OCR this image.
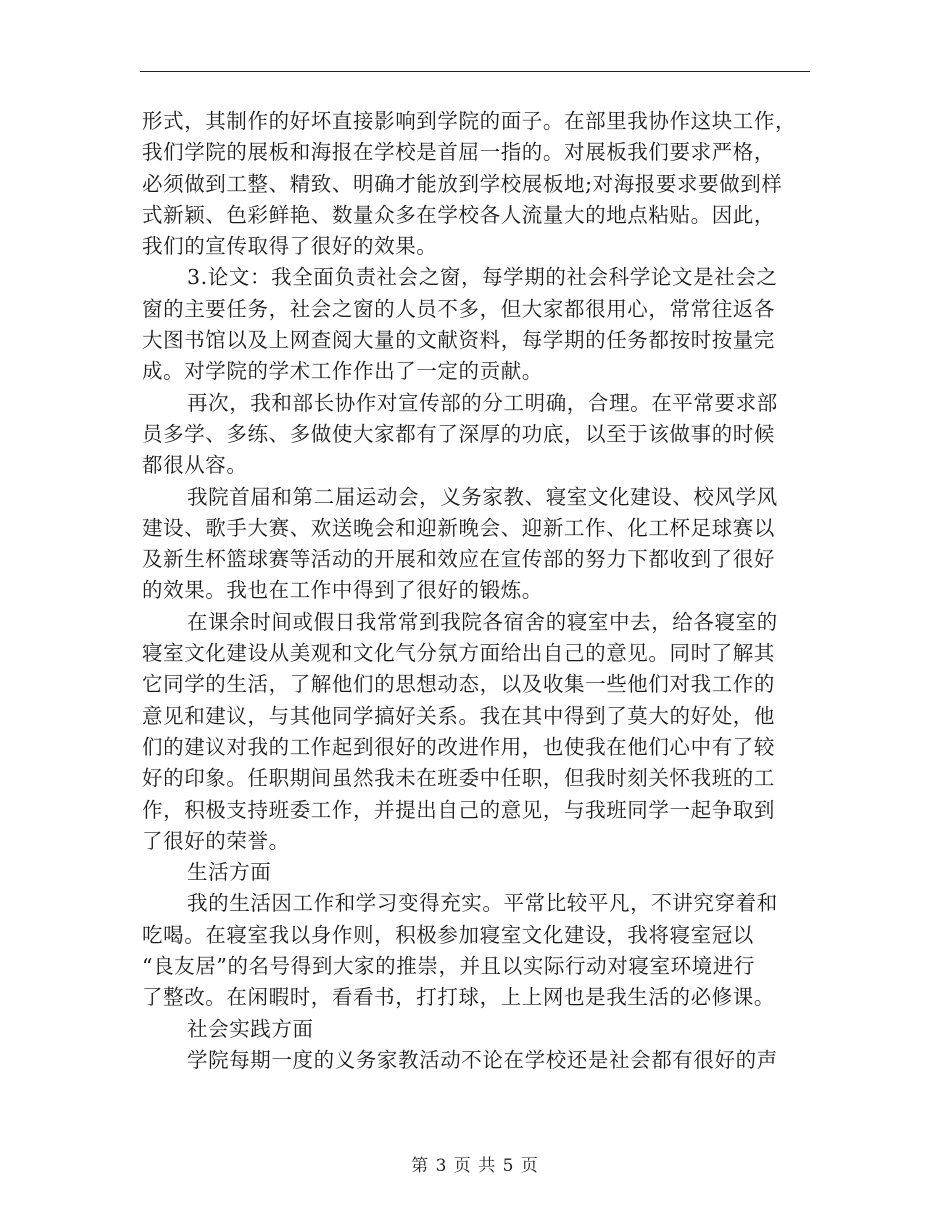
形式，其制作的好坏直接影响到学院的面子。在部里我协作这块工作，
我们学院的展板和海报在学校是首屈一指的。对展板我们要求严格，
必须做到工整、精致、明确才能放到学校展板地;对海报要求要做到样
式新颖、色彩鲜艳、数量众多在学校各人流量大的地点粘贴。因此，
我们的宣传取得了很好的效果。
3.论文：我全面负责社会之窗，每学期的社会科学论文是社会之
窗的主要任务，社会之窗的人员不多，但大家都很用心，常常往返各
大图书馆以及上网查阅大量的文献资料，每学期的任务都按时按量完
成。对学院的学术工作作出了一定的贡献。
再次，我和部长协作对宣传部的分工明确，合理。在平常要求部
员多学、多练、多做使大家都有了深厚的功底，以至于该做事的时候
都很从容。
我院首届和第二届运动会，义务家教、寝室文化建设、校风学风
建设、歌手大赛、欢送晚会和迎新晚会、迎新工作、化工杯足球赛以
及新生杯篮球赛等活动的开展和效应在宣传部的努力下都收到了很好
的效果。我也在工作中得到了很好的锻炼。
在课余时间或假日我常常到我院各宿舍的寝室中去，给各寝室的
寝室文化建设从美观和文化气分氛方面给出自己的意见。同时了解其
它同学的生活，了解他们的思想动态，以及收集一些他们对我工作的
意见和建议，与其他同学搞好关系。我在其中得到了莫大的好处，他
们的建议对我的工作起到很好的改进作用，也使我在他们心中有了较
好的印象。任职期间虽然我未在班委中任职，但我时刻关怀我班的工
作，积极支持班委工作，并提出自己的意见，与我班同学一起争取到
了很好的荣誉。
生活方面
我的生活因工作和学习变得充实。平常比较平凡，不讲究穿着和
吃喝。在寝室我以身作则，积极参加寝室文化建设，我将寝室冠以
“良友居”的名号得到大家的推崇，并且以实际行动对寝室环境进行
了整改。在闲暇时，看看书，打打球，上上网也是我生活的必修课。
社会实践方面
学院每期一度的义务家教活动不论在学校还是社会都有很好的声
第 3 页 共 5 页
